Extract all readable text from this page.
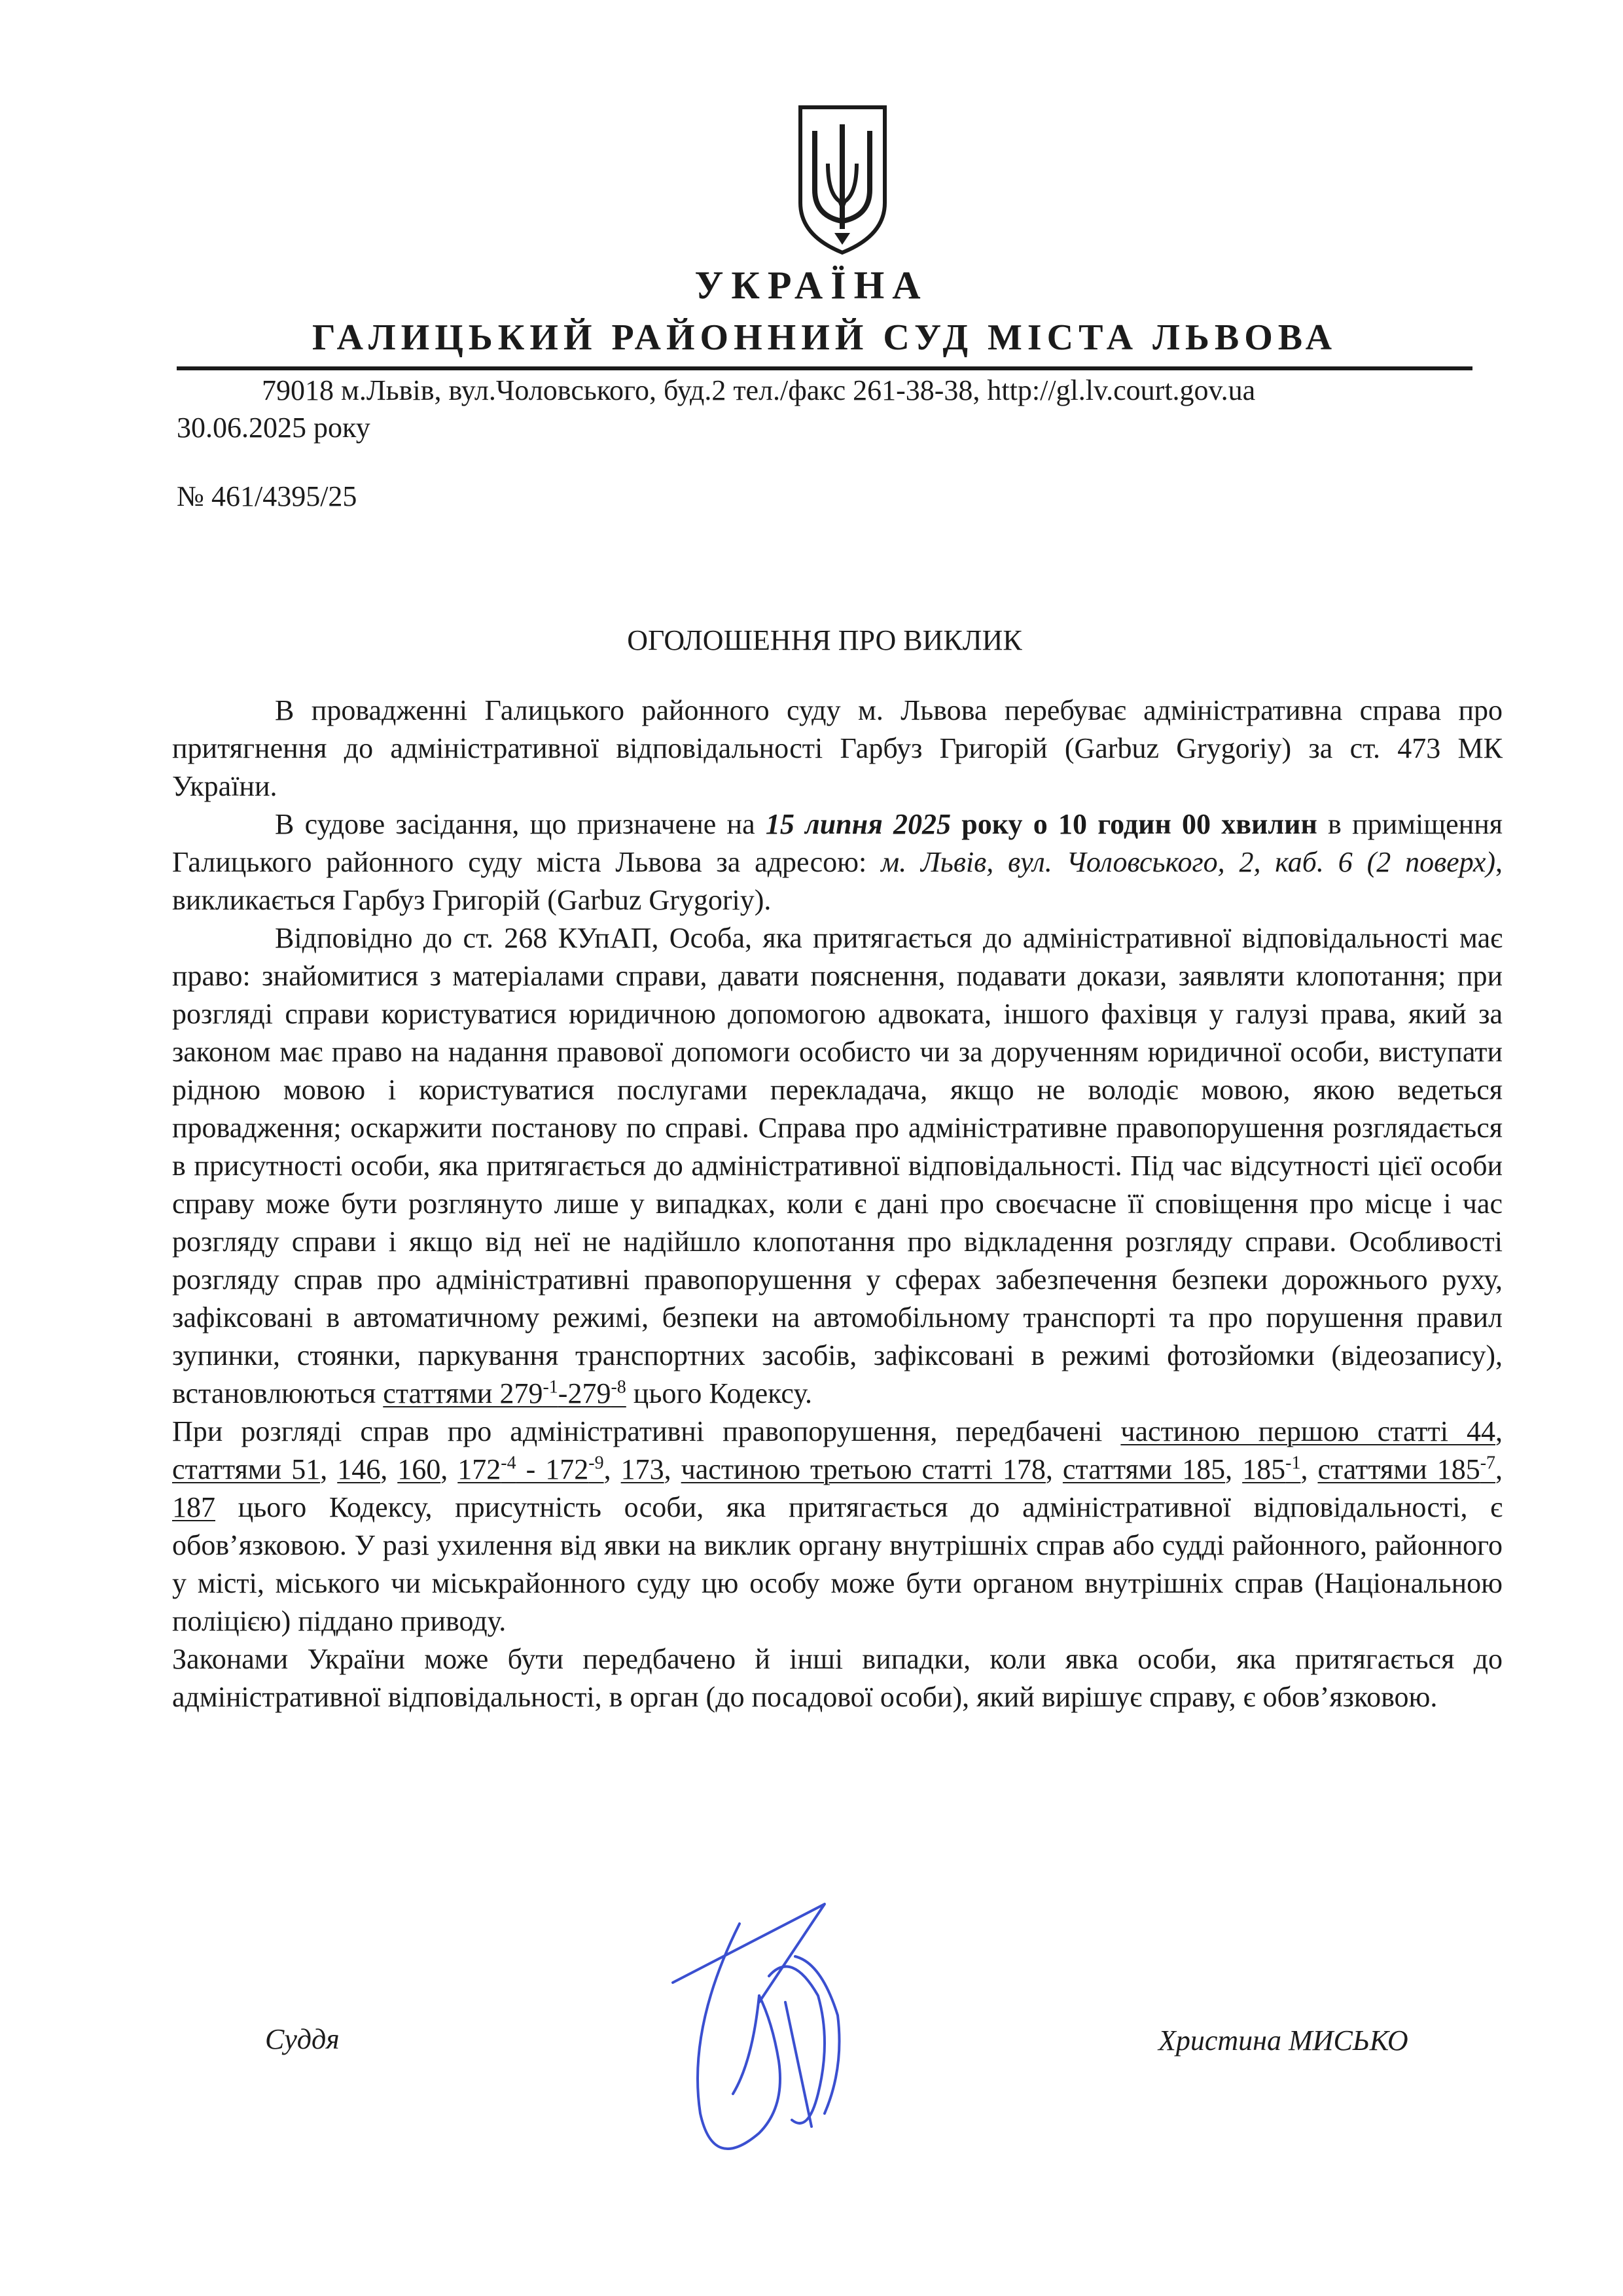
УКРАЇНА
ГАЛИЦЬКИЙ РАЙОННИЙ СУД МІСТА ЛЬВОВА
79018 м.Львів, вул.Чоловського, буд.2 тел./факс 261-38-38, http://gl.lv.court.gov.ua
30.06.2025 року
№ 461/4395/25
ОГОЛОШЕННЯ ПРО ВИКЛИК

В провадженні Галицького районного суду м. Львова перебуває адміністративна справа про притягнення до адміністративної відповідальності Гарбуз Григорій (Garbuz Grygoriy) за ст. 473 МК України.

В судове засідання, що призначене на 15 липня 2025 року о 10 годин 00 хвилин в приміщення Галицького районного суду міста Львова за адресою: м. Львів, вул. Чоловського, 2, каб. 6 (2 поверх), викликається Гарбуз Григорій (Garbuz Grygoriy).

Відповідно до ст. 268 КУпАП, Особа, яка притягається до адміністративної відповідальності має право: знайомитися з матеріалами справи, давати пояснення, подавати докази, заявляти клопотання; при розгляді справи користуватися юридичною допомогою адвоката, іншого фахівця у галузі права, який за законом має право на надання правової допомоги особисто чи за дорученням юридичної особи, виступати рідною мовою і користуватися послугами перекладача, якщо не володіє мовою, якою ведеться провадження; оскаржити постанову по справі. Справа про адміністративне правопорушення розглядається в присутності особи, яка притягається до адміністративної відповідальності. Під час відсутності цієї особи справу може бути розглянуто лише у випадках, коли є дані про своєчасне її сповіщення про місце і час розгляду справи і якщо від неї не надійшло клопотання про відкладення розгляду справи. Особливості розгляду справ про адміністративні правопорушення у сферах забезпечення безпеки дорожнього руху, зафіксовані в автоматичному режимі, безпеки на автомобільному транспорті та про порушення правил зупинки, стоянки, паркування транспортних засобів, зафіксовані в режимі фотозйомки (відеозапису), встановлюються статтями $279^{-1}-279^{-8}$ цього Кодексу.

При розгляді справ про адміністративні правопорушення, передбачені частиною першою статті 44, статтями 51, 146, 160, $172^{-4} - 172^{-9}$, 173, частиною третьою статті 178, статтями 185, $185^{-1}$, статтями $185^{-7}$, 187 цього Кодексу, присутність особи, яка притягається до адміністративної відповідальності, є обов’язковою. У разі ухилення від явки на виклик органу внутрішніх справ або судді районного, районного у місті, міського чи міськрайонного суду цю особу може бути органом внутрішніх справ (Національною поліцією) піддано приводу.

Законами України може бути передбачено й інші випадки, коли явка особи, яка притягається до адміністративної відповідальності, в орган (до посадової особи), який вирішує справу, є обов’язковою.

Суддя	Христина МИСЬКО
